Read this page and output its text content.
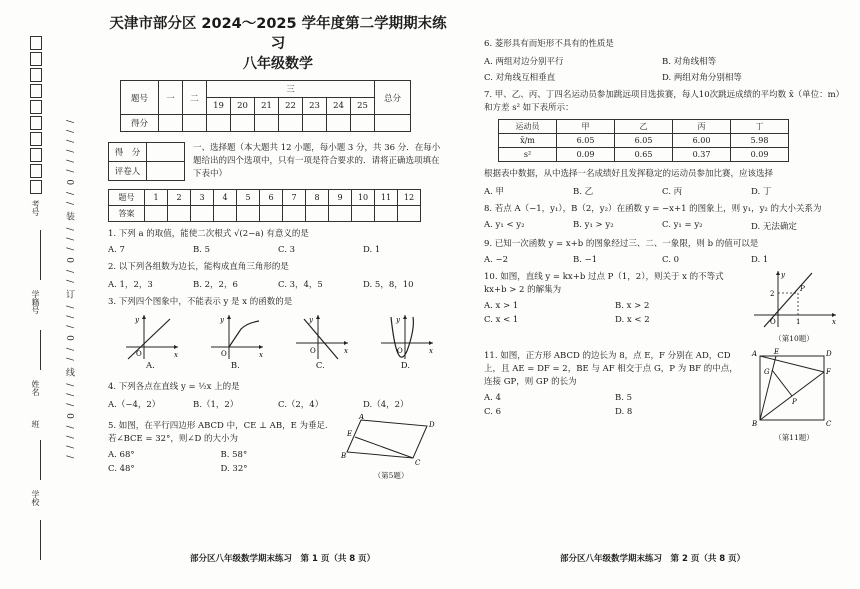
考号
学籍号
姓名
班
学校
/ / / / / / 0 / / 装 / / / 0 / / 订 / / / 0 / / 线 / / / 0 / / / /
天津市部分区 2024～2025 学年度第二学期期末练习
八年级数学
题号	一	二	三							总分
			19	20	21	22	23	24	25	
得分										
得　分	
评卷人	
一、选择题（本大题共 12 小题，每小题 3 分，共 36 分．在每小题给出的四个选项中，只有一项是符合要求的．请将正确选项填在下表中）
题号	1	2	3	4	5	6	7	8	9	10	11	12
答案												
1. 下列 a 的取值，能使二次根式 √(2−a) 有意义的是
A. 7	B. 5	C. 3	D. 1
2. 以下列各组数为边长，能构成直角三角形的是
A. 1，2，3	B. 2，2，6	C. 3，4，5	D. 5，8，10
3. 下列四个图象中，不能表示 y 是 x 的函数的是
O	x
y
O	x
y
O	x
y
O	x
y
A.	B.	C.	D.
4. 下列各点在直线 y = ½x 上的是
A.（−4，2）	B.（1，2）	C.（2，4）	D.（4，2）
5. 如图，在平行四边形 ABCD 中，CE ⊥ AB，E 为垂足. 若∠BCE = 32°，则∠D 的大小为
A. 68°	B. 58°
C. 48°	D. 32°
A
D
C
B
E
（第5题）
部分区八年级数学期末练习　第 1 页（共 8 页）
6. 菱形具有而矩形不具有的性质是
A. 两组对边分别平行	B. 对角线相等
C. 对角线互相垂直	D. 两组对角分别相等
7. 甲、乙、丙、丁四名运动员参加跳远项目选拔赛，每人10次跳远成绩的平均数 x̄（单位：m）和方差 s² 如下表所示：
运动员	甲	乙	丙	丁
x̄/m	6.05	6.05	6.00	5.98
s²	0.09	0.65	0.37	0.09
根据表中数据，从中选择一名成绩好且发挥稳定的运动员参加比赛，应该选择
A. 甲	B. 乙	C. 丙	D. 丁
8. 若点 A（−1，y₁），B（2，y₂）在函数 y = −x+1 的图象上，则 y₁，y₂ 的大小关系为
A. y₁ < y₂	B. y₁ > y₂	C. y₁ = y₂	D. 无法确定
9. 已知一次函数 y = x+b 的图象经过三、二、一象限，则 b 的值可以是
A. −2	B. −1	C. 0	D. 1
10. 如图，直线 y = kx+b 过点 P（1，2），则关于 x 的不等式 kx+b > 2 的解集为
A. x > 1	B. x > 2
C. x < 1	D. x < 2
P
2
O	1	x
y
（第10题）
11. 如图，正方形 ABCD 的边长为 8，点 E，F 分别在 AD，CD 上，且 AE = DF = 2，BE 与 AF 相交于点 G，P 为 BF 的中点，连接 GP，则 GP 的长为
A. 4	B. 5
C. 6	D. 8
A E	D
F
G
P
B	C
（第11题）
部分区八年级数学期末练习　第 2 页（共 8 页）
